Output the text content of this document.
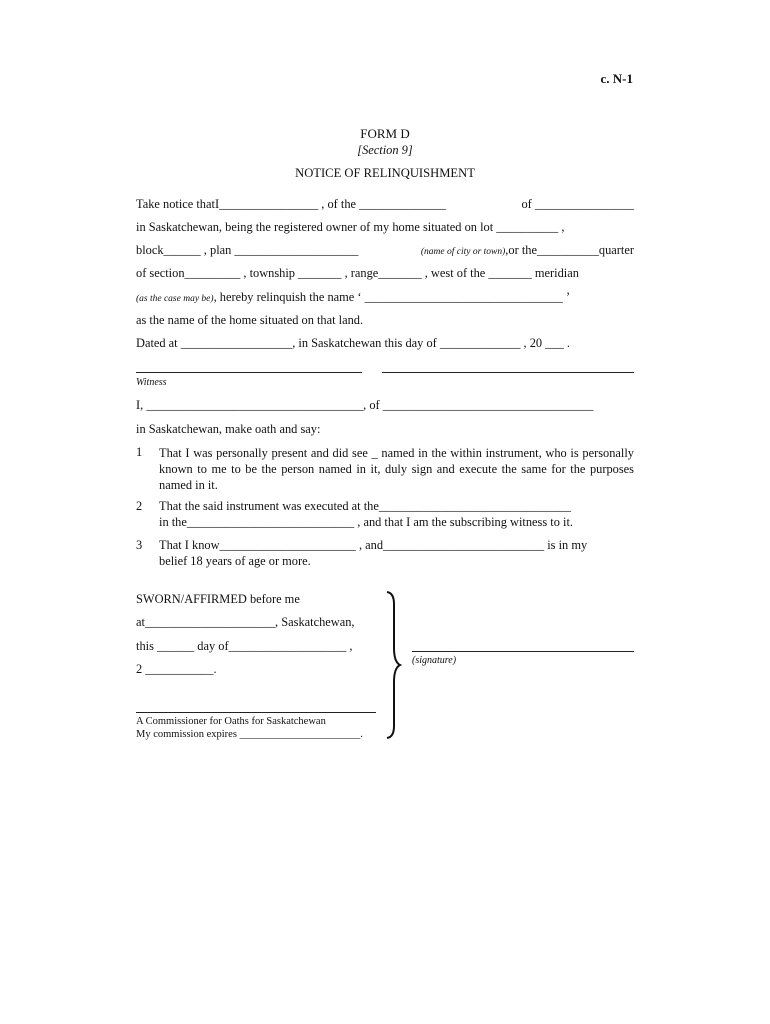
c. N-1
FORM D
[Section 9]
NOTICE OF RELINQUISHMENT
Take notice thatI________________ , of the ______________	of ________________
in Saskatchewan, being the registered owner of my home situated on lot __________ ,
block______ , plan ____________________	(name of city or town),or the__________quarter
of section_________ , township _______ , range_______ , west of the _______ meridian
(as the case may be), hereby relinquish the name ‘ ________________________________ ’
as the name of the home situated on that land.
Dated at __________________, in Saskatchewan this day of _____________ , 20 ___ .
Witness
I, ___________________________________, of __________________________________
in Saskatchewan, make oath and say:
1 That I was personally present and did see _ named in the within instrument, who is personally known to me to be the person named in it, duly sign and execute the same for the purposes named in it.
2 That the said instrument was executed at the_______________________________
in the___________________________ , and that I am the subscribing witness to it.
3 That I know______________________ , and__________________________ is in my
belief 18 years of age or more.
SWORN/AFFIRMED before me
at_____________________, Saskatchewan,
this ______ day of___________________ ,
2 ___________.
A Commissioner for Oaths for Saskatchewan
My commission expires _______________________.
(signature)
